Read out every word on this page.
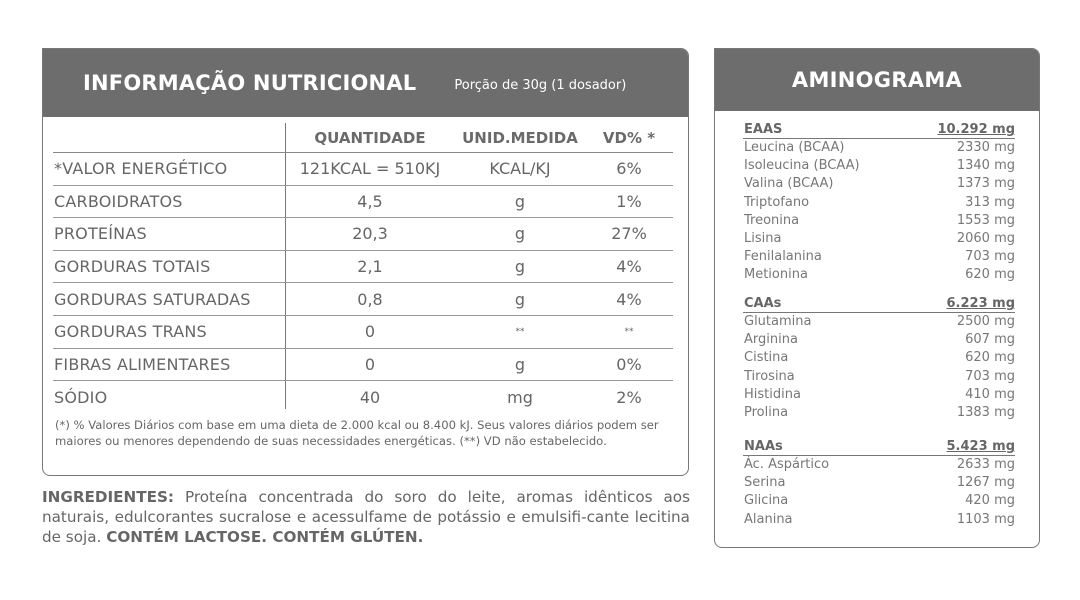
INFORMAÇÃO NUTRICIONAL	Porção de 30g (1 dosador)
QUANTIDADE	UNID.MEDIDA	VD% *
*VALOR ENERGÉTICO	121KCAL = 510KJ	KCAL/KJ	6%
CARBOIDRATOS	4,5	g	1%
PROTEÍNAS	20,3	g	27%
GORDURAS TOTAIS	2,1	g	4%
GORDURAS SATURADAS	0,8	g	4%
GORDURAS TRANS	0	**	**
FIBRAS ALIMENTARES	0	g	0%
SÓDIO	40	mg	2%

(*) % Valores Diários com base em uma dieta de 2.000 kcal ou 8.400 kJ. Seus valores diários podem ser maiores ou menores dependendo de suas necessidades energéticas. (**) VD não estabelecido.

INGREDIENTES: Proteína concentrada do soro do leite, aromas idênticos aos naturais, edulcorantes sucralose e acessulfame de potássio e emulsifi-cante lecitina de soja. CONTÉM LACTOSE. CONTÉM GLÚTEN.

AMINOGRAMA
EAAS	10.292 mg
Leucina (BCAA)	2330 mg
Isoleucina (BCAA)	1340 mg
Valina (BCAA)	1373 mg
Triptofano	313 mg
Treonina	1553 mg
Lisina	2060 mg
Fenilalanina	703 mg
Metionina	620 mg
CAAs	6.223 mg
Glutamina	2500 mg
Arginina	607 mg
Cistina	620 mg
Tirosina	703 mg
Histidina	410 mg
Prolina	1383 mg
NAAs	5.423 mg
Ác. Aspártico	2633 mg
Serina	1267 mg
Glicina	420 mg
Alanina	1103 mg
